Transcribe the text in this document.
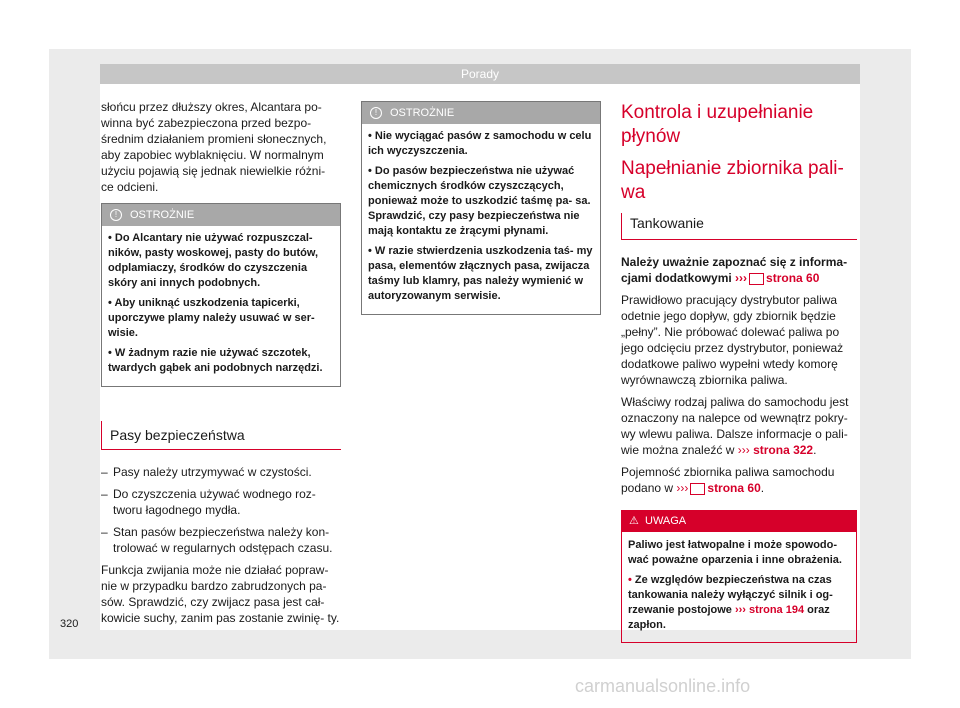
Porady

słońcu przez dłuższy okres, Alcantara po- winna być zabezpieczona przed bezpo- średnim działaniem promieni słonecznych, aby zapobiec wyblaknięciu. W normalnym użyciu pojawią się jednak niewielkie różni- ce odcieni.

! OSTROŻNIE
• Do Alcantary nie używać rozpuszczal- ników, pasty woskowej, pasty do butów, odplamiaczy, środków do czyszczenia skóry ani innych podobnych.
• Aby uniknąć uszkodzenia tapicerki, uporczywe plamy należy usuwać w ser- wisie.
• W żadnym razie nie używać szczotek, twardych gąbek ani podobnych narzędzi.
Pasy bezpieczeństwa
– Pasy należy utrzymywać w czystości.
– Do czyszczenia używać wodnego roz- tworu łagodnego mydła.
– Stan pasów bezpieczeństwa należy kon- trolować w regularnych odstępach czasu.

Funkcja zwijania może nie działać popraw- nie w przypadku bardzo zabrudzonych pa- sów. Sprawdzić, czy zwijacz pasa jest cał- kowicie suchy, zanim pas zostanie zwinię- ty.

! OSTROŻNIE
• Nie wyciągać pasów z samochodu w celu ich wyczyszczenia.
• Do pasów bezpieczeństwa nie używać chemicznych środków czyszczących, ponieważ może to uszkodzić taśmę pa- sa. Sprawdzić, czy pasy bezpieczeństwa nie mają kontaktu ze żrącymi płynami.
• W razie stwierdzenia uszkodzenia taś- my pasa, elementów złącznych pasa, zwijacza taśmy lub klamry, pas należy wymienić w autoryzowanym serwisie.
Kontrola i uzupełnianie płynów
Napełnianie zbiornika pali- wa
Tankowanie

Należy uważnie zapoznać się z informa- cjami dodatkowymi ››› strona 60

Prawidłowo pracujący dystrybutor paliwa odetnie jego dopływ, gdy zbiornik będzie „pełny”. Nie próbować dolewać paliwa po jego odcięciu przez dystrybutor, ponieważ dodatkowe paliwo wypełni wtedy komorę wyrównawczą zbiornika paliwa.

Właściwy rodzaj paliwa do samochodu jest oznaczony na nalepce od wewnątrz pokry- wy wlewu paliwa. Dalsze informacje o pali- wie można znaleźć w ››› strona 322.

Pojemność zbiornika paliwa samochodu podano w ››› strona 60.

⚠ UWAGA
Paliwo jest łatwopalne i może spowodo- wać poważne oparzenia i inne obrażenia.
• Ze względów bezpieczeństwa na czas tankowania należy wyłączyć silnik i og- rzewanie postojowe ››› strona 194 oraz zapłon.
320
carmanualsonline.info
